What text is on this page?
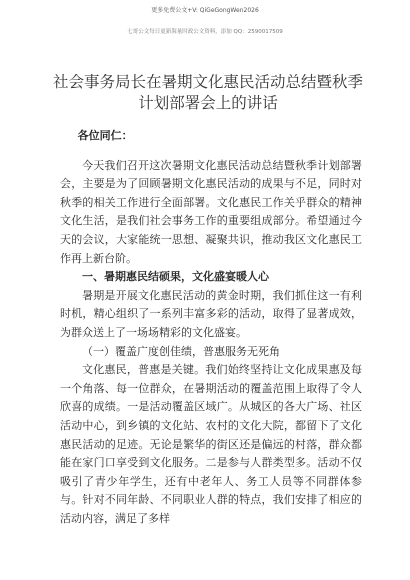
更多免费公文+V: QiGeGongWen2026
七哥公文每日更新海量时政公文资料，添加 QQ：2590017509
社会事务局长在暑期文化惠民活动总结暨秋季计划部署会上的讲话

各位同仁：

今天我们召开这次暑期文化惠民活动总结暨秋季计划部署会，主要是为了回顾暑期文化惠民活动的成果与不足，同时对秋季的相关工作进行全面部署。文化惠民工作关乎群众的精神文化生活，是我们社会事务工作的重要组成部分。希望通过今天的会议，大家能统一思想、凝聚共识，推动我区文化惠民工作再上新台阶。

一、暑期惠民结硕果，文化盛宴暖人心

暑期是开展文化惠民活动的黄金时期，我们抓住这一有利时机，精心组织了一系列丰富多彩的活动，取得了显著成效，为群众送上了一场场精彩的文化盛宴。

（一）覆盖广度创佳绩，普惠服务无死角

文化惠民，普惠是关键。我们始终坚持让文化成果惠及每一个角落、每一位群众，在暑期活动的覆盖范围上取得了令人欣喜的成绩。一是活动覆盖区域广。从城区的各大广场、社区活动中心，到乡镇的文化站、农村的文化大院，都留下了文化惠民活动的足迹。无论是繁华的街区还是偏远的村落，群众都能在家门口享受到文化服务。二是参与人群类型多。活动不仅吸引了青少年学生，还有中老年人、务工人员等不同群体参与。针对不同年龄、不同职业人群的特点，我们安排了相应的活动内容，满足了多样
